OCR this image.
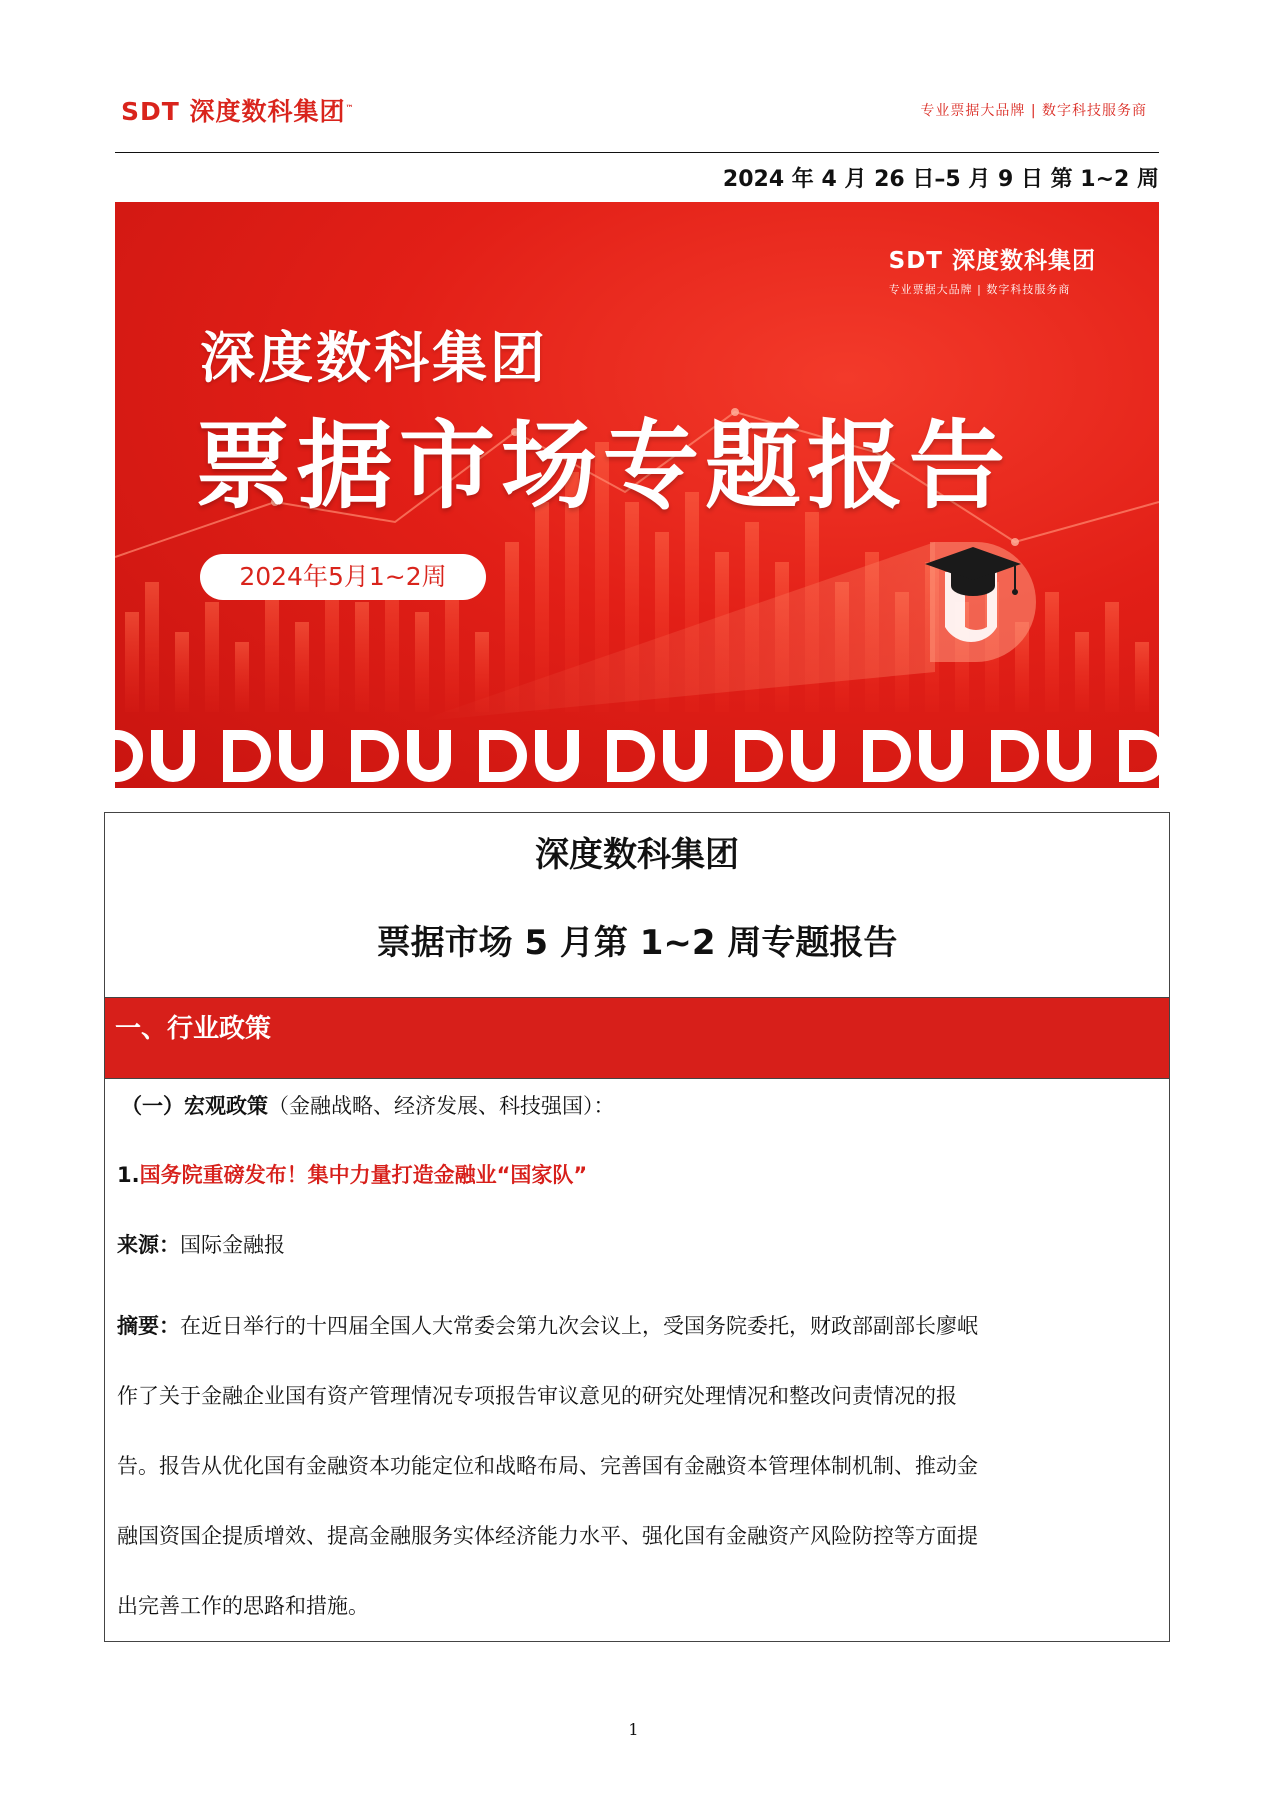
SDT 深度数科集团™	专业票据大品牌 | 数字科技服务商
2024 年 4 月 26 日–5 月 9 日 第 1~2 周
SDT 深度数科集团
专业票据大品牌 | 数字科技服务商
深度数科集团
票据市场专题报告
2024年5月1~2周
深度数科集团
票据市场 5 月第 1~2 周专题报告
一、行业政策
（一）宏观政策（金融战略、经济发展、科技强国）：
1.国务院重磅发布！集中力量打造金融业“国家队”
来源：国际金融报
摘要：在近日举行的十四届全国人大常委会第九次会议上，受国务院委托，财政部副部长廖岷
作了关于金融企业国有资产管理情况专项报告审议意见的研究处理情况和整改问责情况的报
告。报告从优化国有金融资本功能定位和战略布局、完善国有金融资本管理体制机制、推动金
融国资国企提质增效、提高金融服务实体经济能力水平、强化国有金融资产风险防控等方面提
出完善工作的思路和措施。
1
